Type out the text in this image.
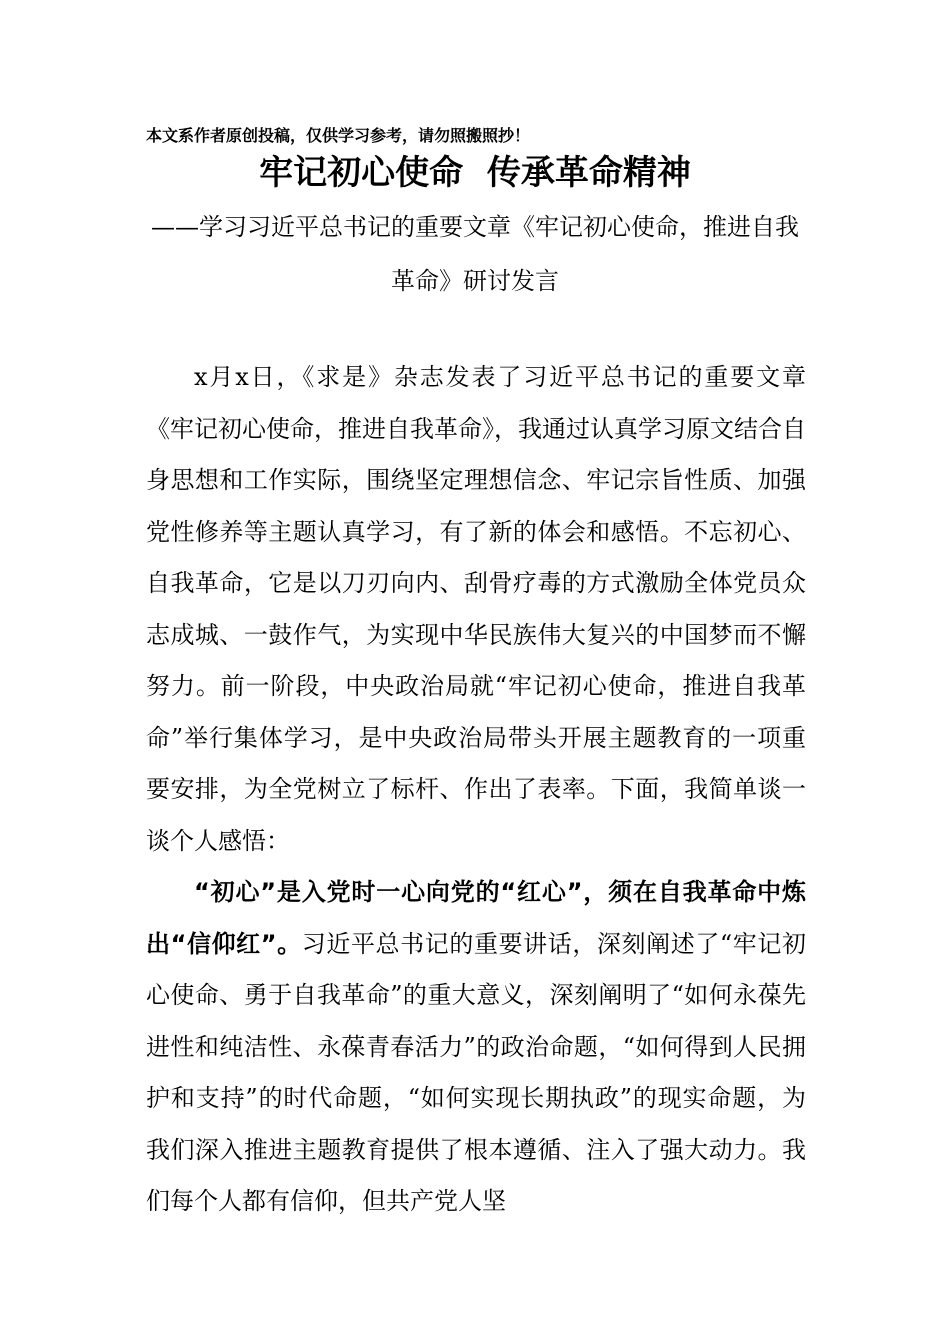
本文系作者原创投稿，仅供学习参考，请勿照搬照抄！
牢记初心使命  传承革命精神
——学习习近平总书记的重要文章《牢记初心使命，推进自我革命》研讨发言

x月x日，《求是》杂志发表了习近平总书记的重要文章《牢记初心使命，推进自我革命》，我通过认真学习原文结合自身思想和工作实际，围绕坚定理想信念、牢记宗旨性质、加强党性修养等主题认真学习，有了新的体会和感悟。不忘初心、自我革命，它是以刀刃向内、刮骨疗毒的方式激励全体党员众志成城、一鼓作气，为实现中华民族伟大复兴的中国梦而不懈努力。前一阶段，中央政治局就“牢记初心使命，推进自我革命”举行集体学习，是中央政治局带头开展主题教育的一项重要安排，为全党树立了标杆、作出了表率。下面，我简单谈一谈个人感悟：

“初心”是入党时一心向党的“红心”，须在自我革命中炼出“信仰红”。习近平总书记的重要讲话，深刻阐述了“牢记初心使命、勇于自我革命”的重大意义，深刻阐明了“如何永葆先进性和纯洁性、永葆青春活力”的政治命题，“如何得到人民拥护和支持”的时代命题，“如何实现长期执政”的现实命题，为我们深入推进主题教育提供了根本遵循、注入了强大动力。我们每个人都有信仰，但共产党人坚
